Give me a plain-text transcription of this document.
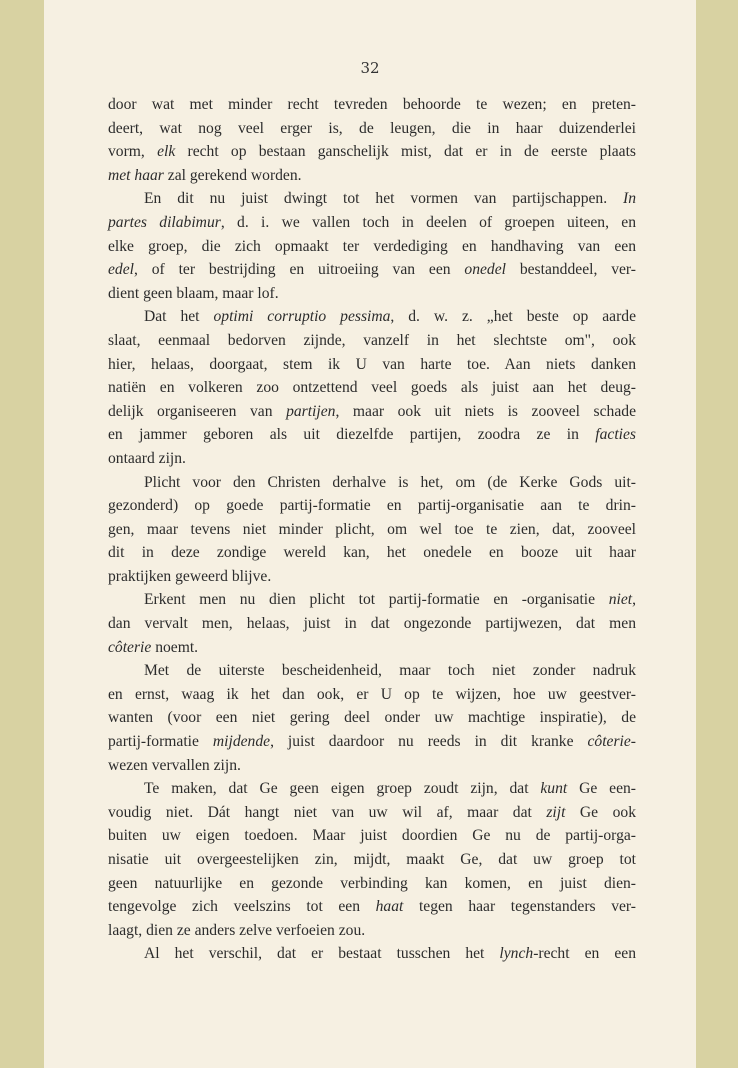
32
door wat met minder recht tevreden behoorde te wezen; en preten-
deert, wat nog veel erger is, de leugen, die in haar duizenderlei
vorm, elk recht op bestaan ganschelijk mist, dat er in de eerste plaats
met haar zal gerekend worden.
En dit nu juist dwingt tot het vormen van partijschappen. In
partes dilabimur, d. i. we vallen toch in deelen of groepen uiteen, en
elke groep, die zich opmaakt ter verdediging en handhaving van een
edel, of ter bestrijding en uitroeiing van een onedel bestanddeel, ver-
dient geen blaam, maar lof.
Dat het optimi corruptio pessima, d. w. z. „het beste op aarde
slaat, eenmaal bedorven zijnde, vanzelf in het slechtste om", ook
hier, helaas, doorgaat, stem ik U van harte toe. Aan niets danken
natiën en volkeren zoo ontzettend veel goeds als juist aan het deug-
delijk organiseeren van partijen, maar ook uit niets is zooveel schade
en jammer geboren als uit diezelfde partijen, zoodra ze in facties
ontaard zijn.
Plicht voor den Christen derhalve is het, om (de Kerke Gods uit-
gezonderd) op goede partij-formatie en partij-organisatie aan te drin-
gen, maar tevens niet minder plicht, om wel toe te zien, dat, zooveel
dit in deze zondige wereld kan, het onedele en booze uit haar
praktijken geweerd blijve.
Erkent men nu dien plicht tot partij-formatie en -organisatie niet,
dan vervalt men, helaas, juist in dat ongezonde partijwezen, dat men
côterie noemt.
Met de uiterste bescheidenheid, maar toch niet zonder nadruk
en ernst, waag ik het dan ook, er U op te wijzen, hoe uw geestver-
wanten (voor een niet gering deel onder uw machtige inspiratie), de
partij-formatie mijdende, juist daardoor nu reeds in dit kranke côterie-
wezen vervallen zijn.
Te maken, dat Ge geen eigen groep zoudt zijn, dat kunt Ge een-
voudig niet. Dát hangt niet van uw wil af, maar dat zijt Ge ook
buiten uw eigen toedoen. Maar juist doordien Ge nu de partij-orga-
nisatie uit overgeestelijken zin, mijdt, maakt Ge, dat uw groep tot
geen natuurlijke en gezonde verbinding kan komen, en juist dien-
tengevolge zich veelszins tot een haat tegen haar tegenstanders ver-
laagt, dien ze anders zelve verfoeien zou.
Al het verschil, dat er bestaat tusschen het lynch-recht en een
